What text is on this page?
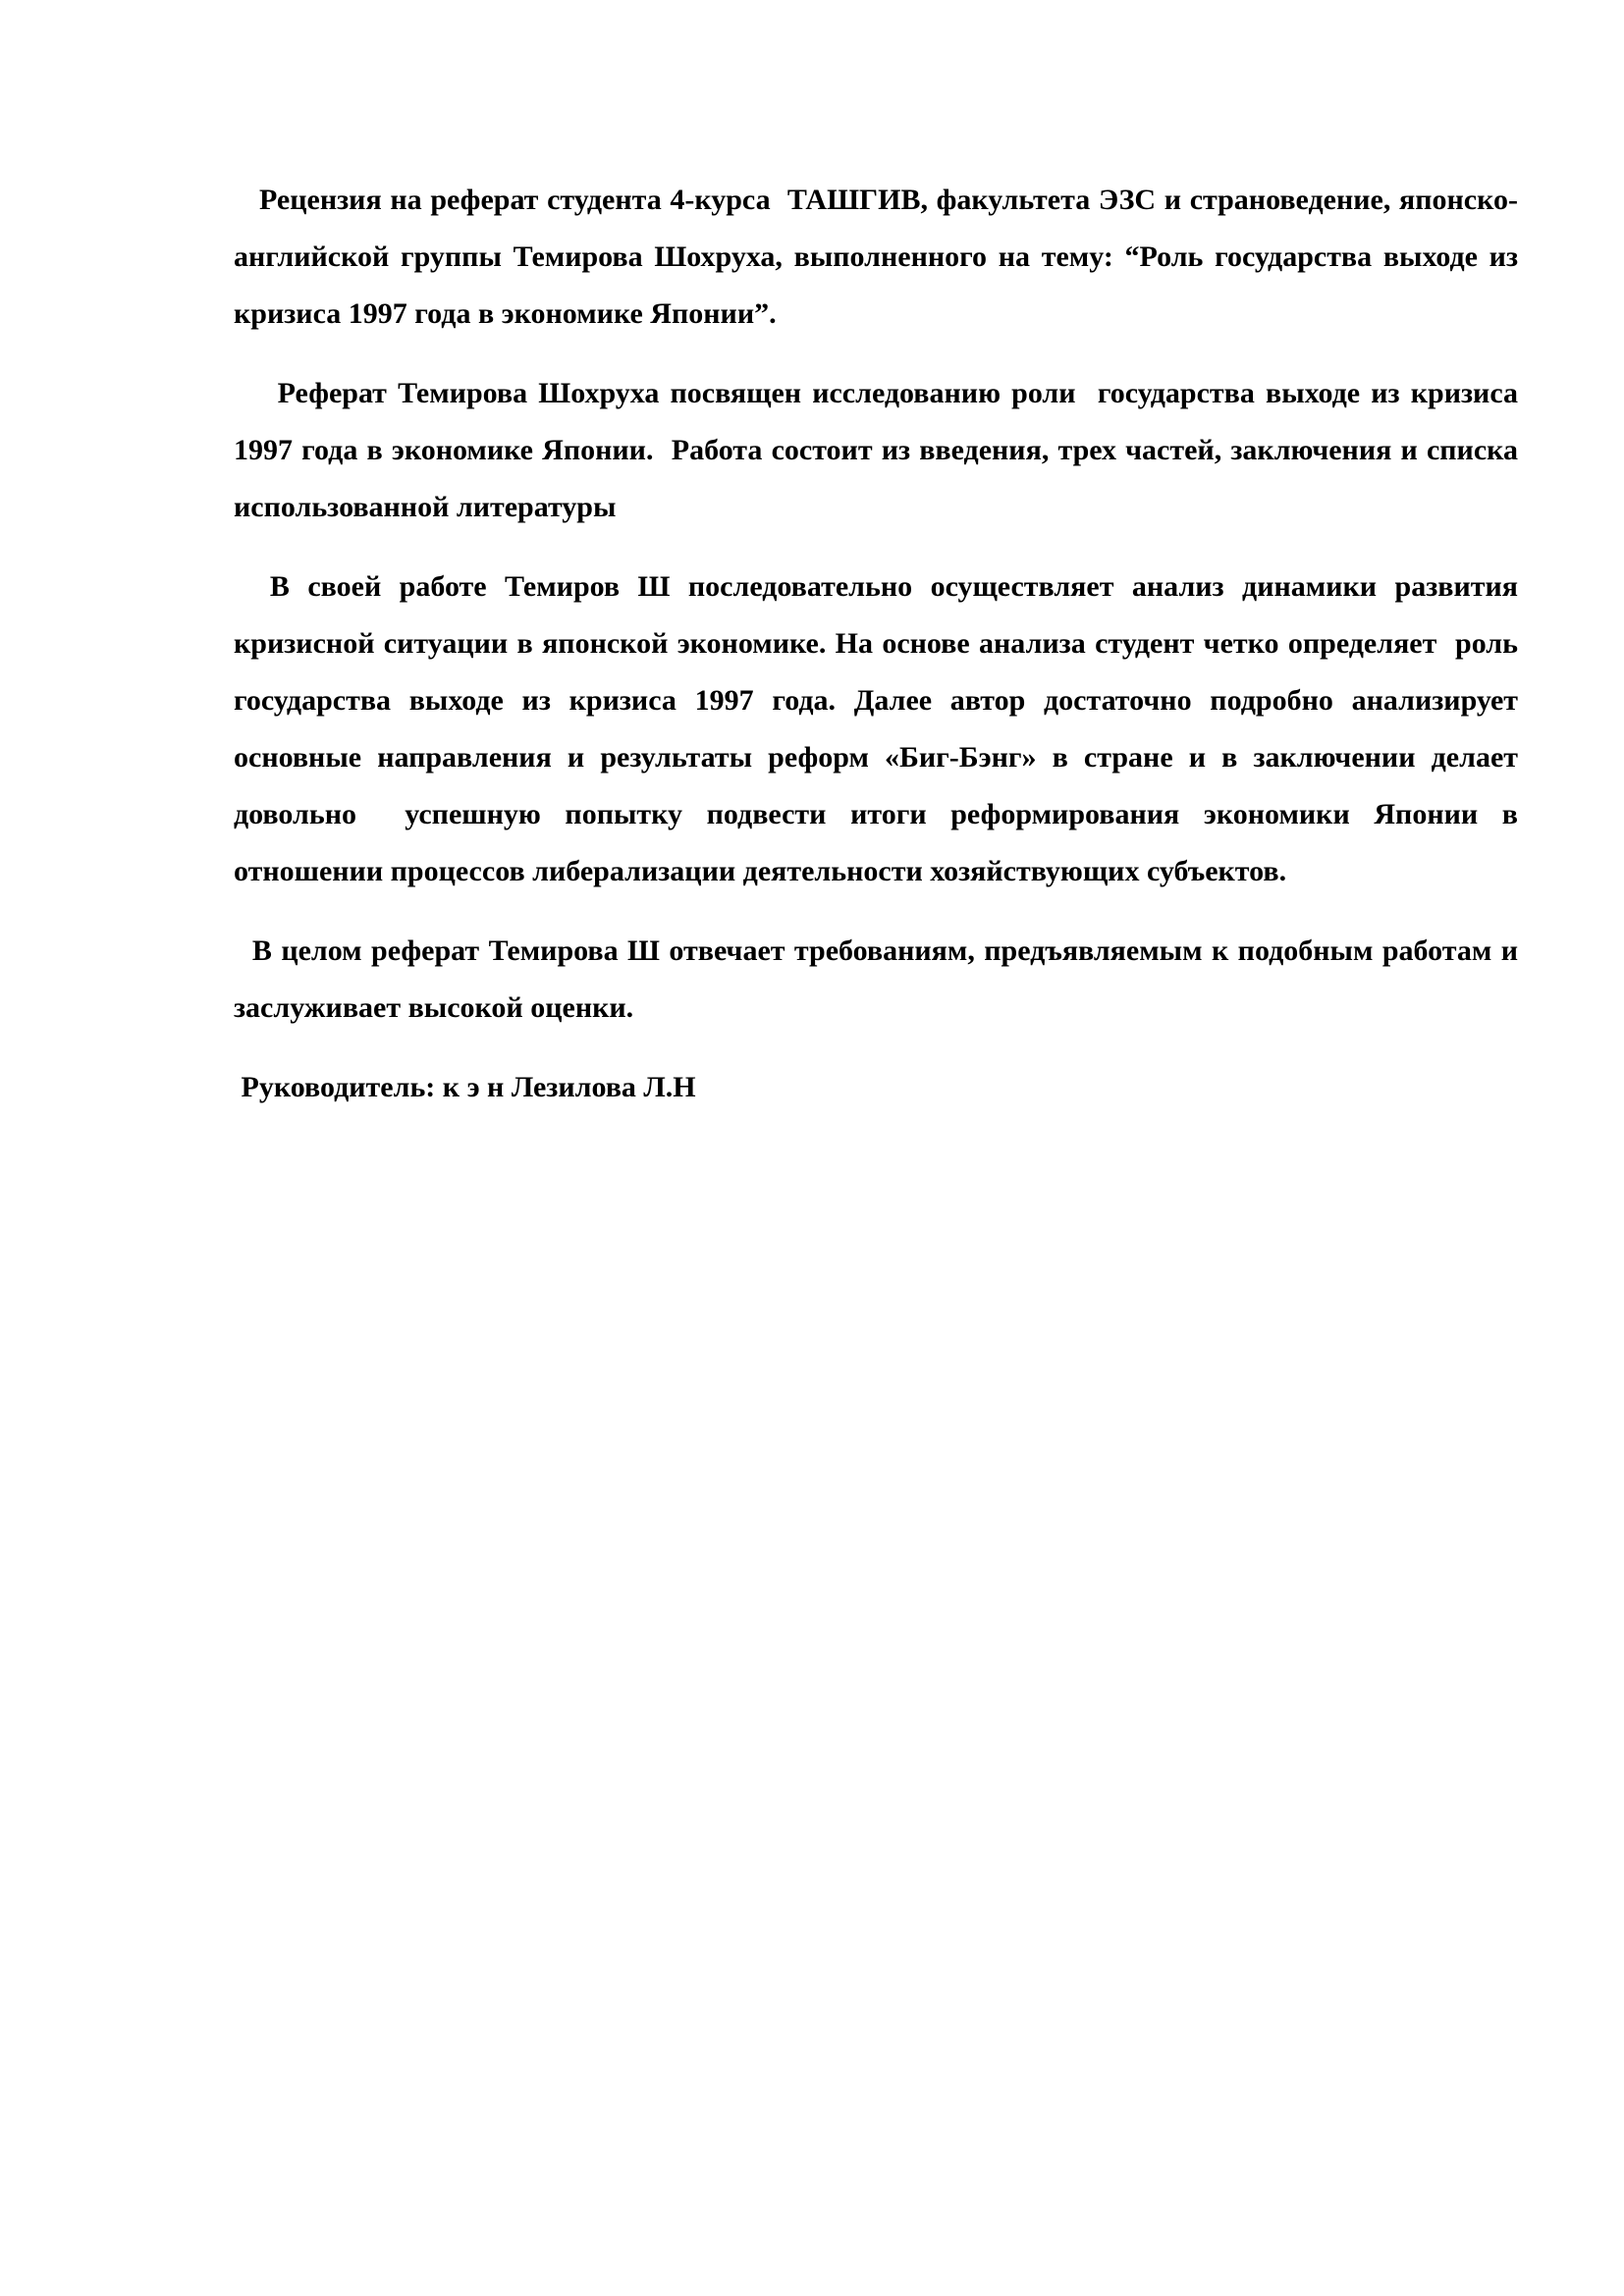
Рецензия на реферат студента 4-курса  ТАШГИВ, факультета ЭЗС и страноведение, японско-английской группы Темирова Шохруха, выполненного на тему: “Роль государства выходе из кризиса 1997 года в экономике Японии”.

Реферат Темирова Шохруха посвящен исследованию роли  государства выходе из кризиса 1997 года в экономике Японии.  Работа состоит из введения, трех частей, заключения и списка использованной литературы

В своей работе Темиров Ш последовательно осуществляет анализ динамики развития кризисной ситуации в японской экономике. На основе анализа студент четко определяет  роль государства выходе из кризиса 1997 года. Далее автор достаточно подробно анализирует основные направления и результаты реформ «Биг-Бэнг» в стране и в заключении делает довольно  успешную попытку подвести итоги реформирования экономики Японии в отношении процессов либерализации деятельности хозяйствующих субъектов.

В целом реферат Темирова Ш отвечает требованиям, предъявляемым к подобным работам и заслуживает высокой оценки.

Руководитель: к э н Лезилова Л.Н
